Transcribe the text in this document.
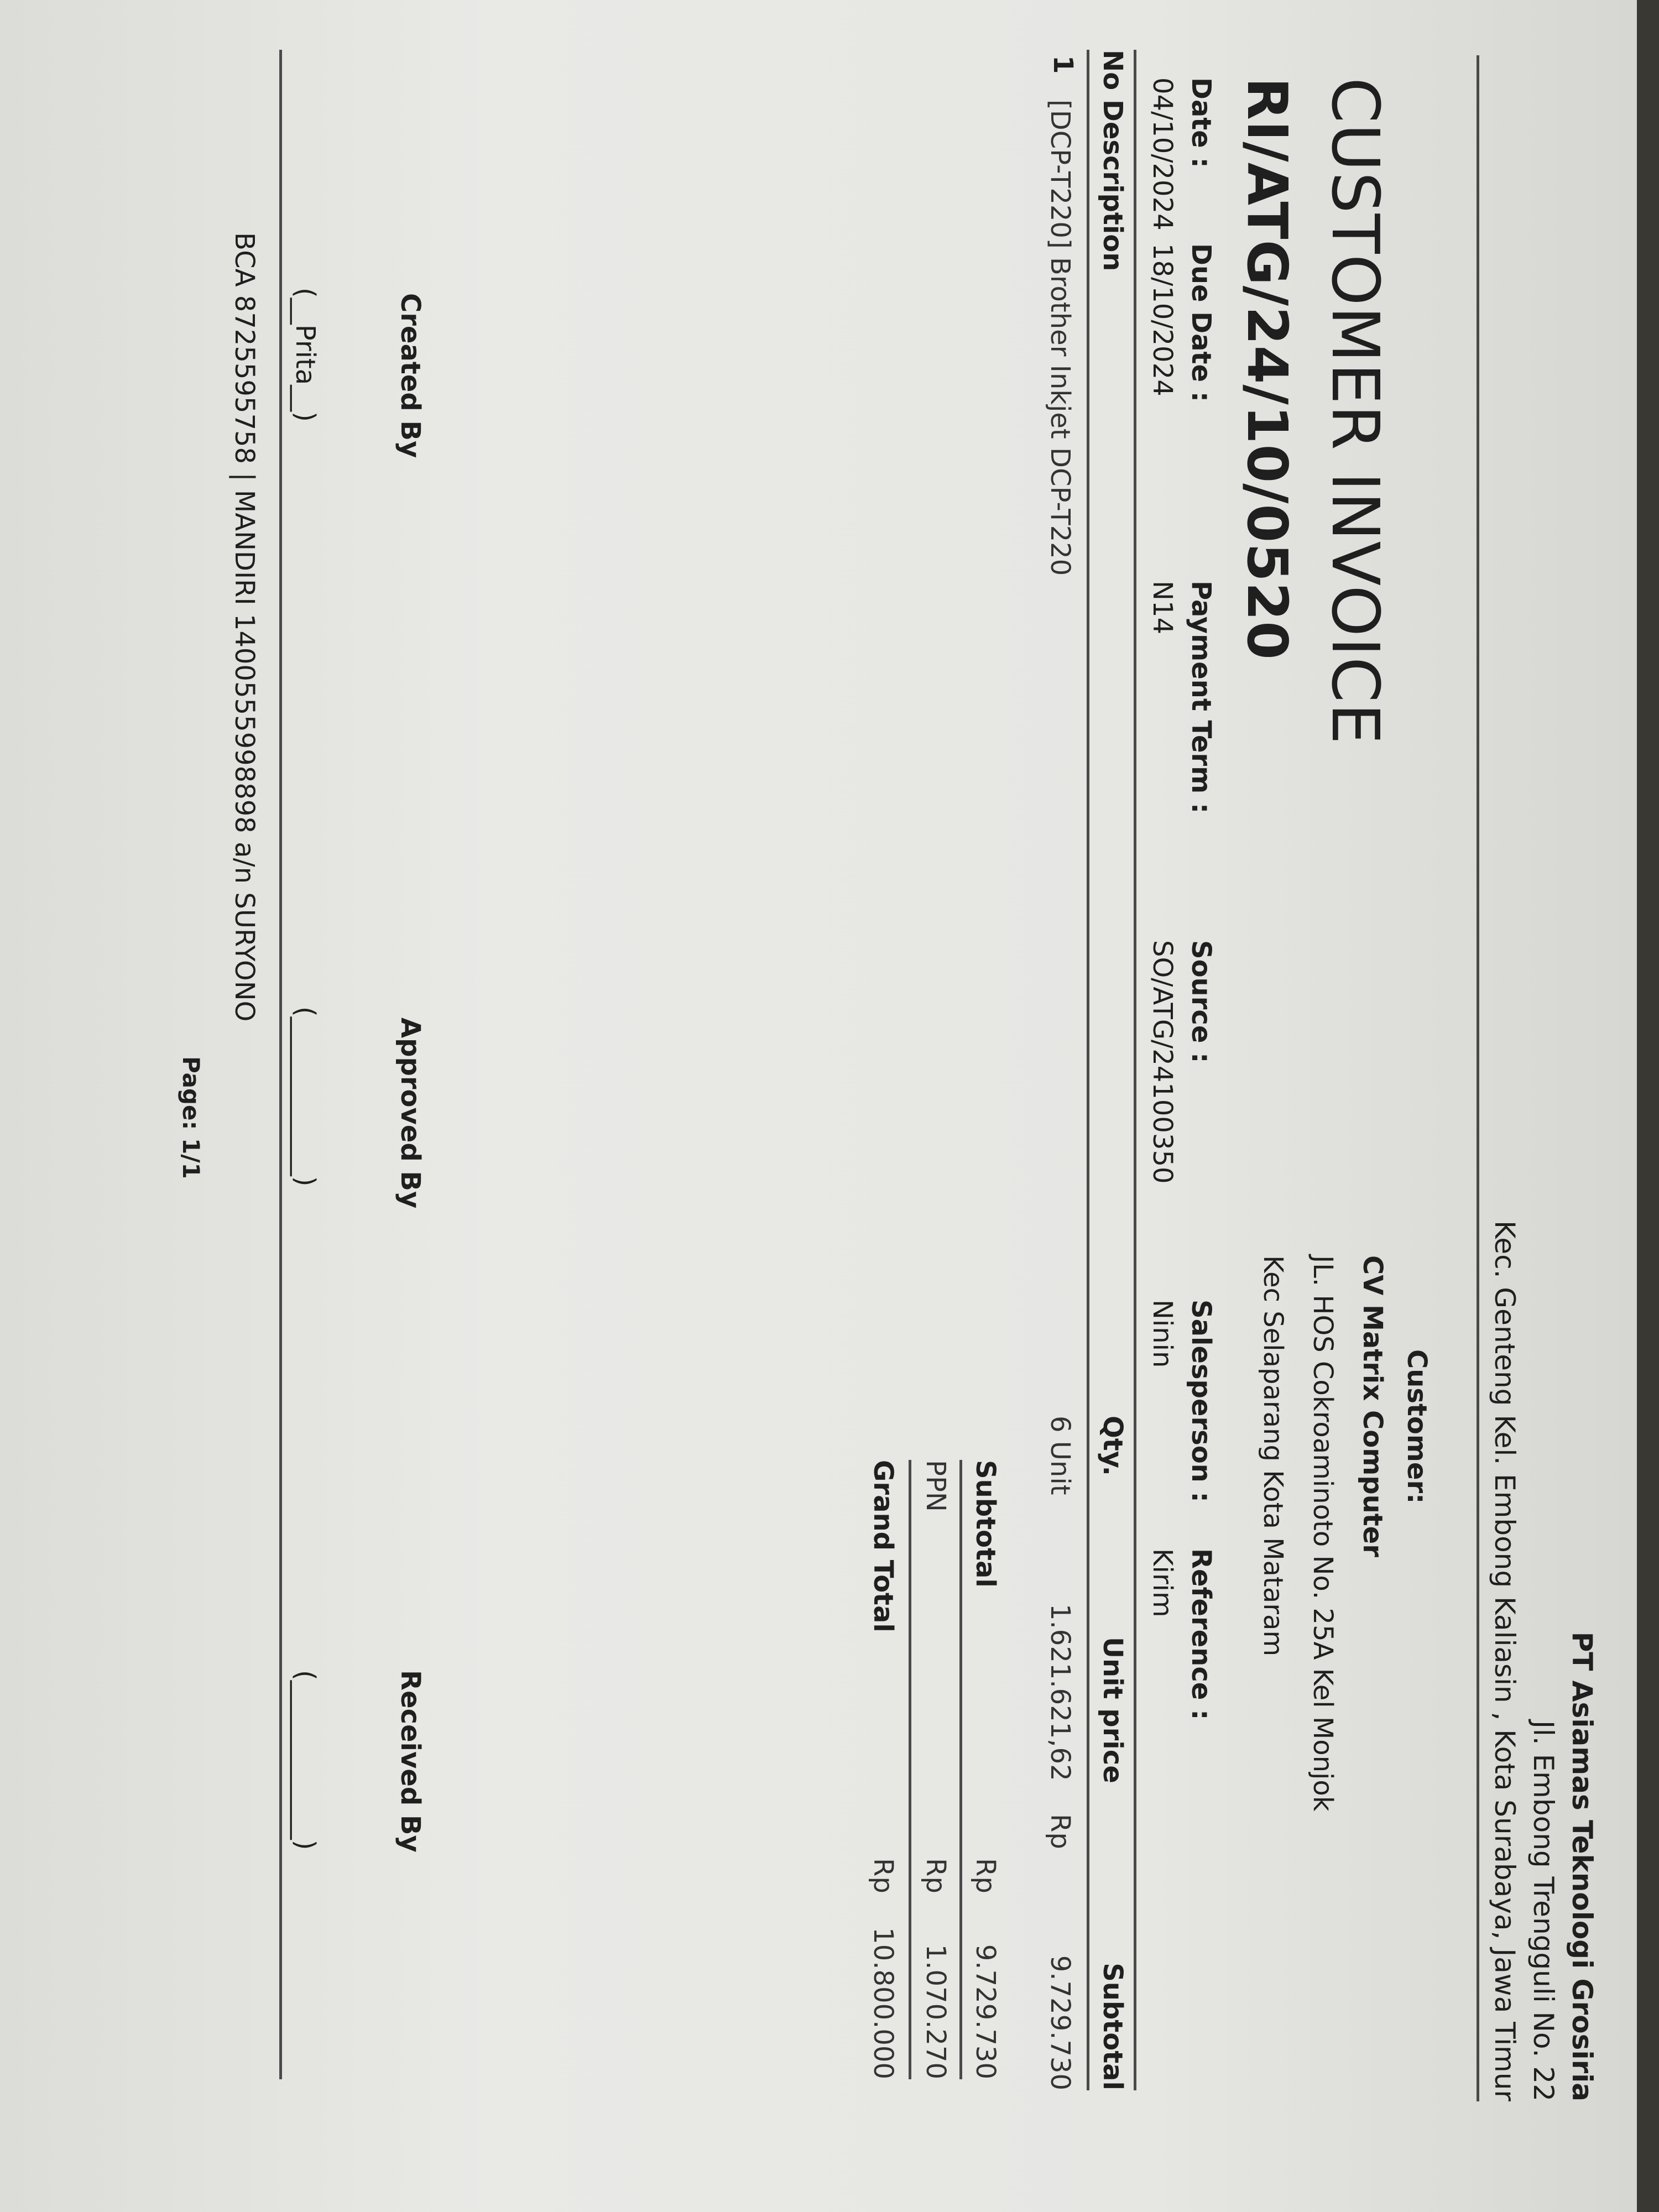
PT Asiamas Teknologi Grosiria
Jl. Embong Trengguli No. 22
Kec. Genteng Kel. Embong Kaliasin , Kota Surabaya, Jawa Timur
Customer:
CV Matrix Computer
JL. HOS Cokroaminoto No. 25A Kel Monjok
Kec Selaparang Kota Mataram
CUSTOMER INVOICE
RI/ATG/24/10/0520
Date :
04/10/2024
Due Date :
18/10/2024
Payment Term :
N14
Source :
SO/ATG/24100350
Salesperson :
Ninin
Reference :
Kirim
No
Description
Qty.
Unit price
Subtotal
1
[DCP-T220] Brother Inkjet DCP-T220
6 Unit
1.621.621,62
Rp
9.729.730
Subtotal
Rp
9.729.730
PPN
Rp
1.070.270
Grand Total
Rp
10.800.000
Created By
Approved By
Received By
(__Prita__)
(____________)
(____________)
BCA 8725595758 | MANDIRI 1400555998898 a/n SURYONO
Page: 1/1
